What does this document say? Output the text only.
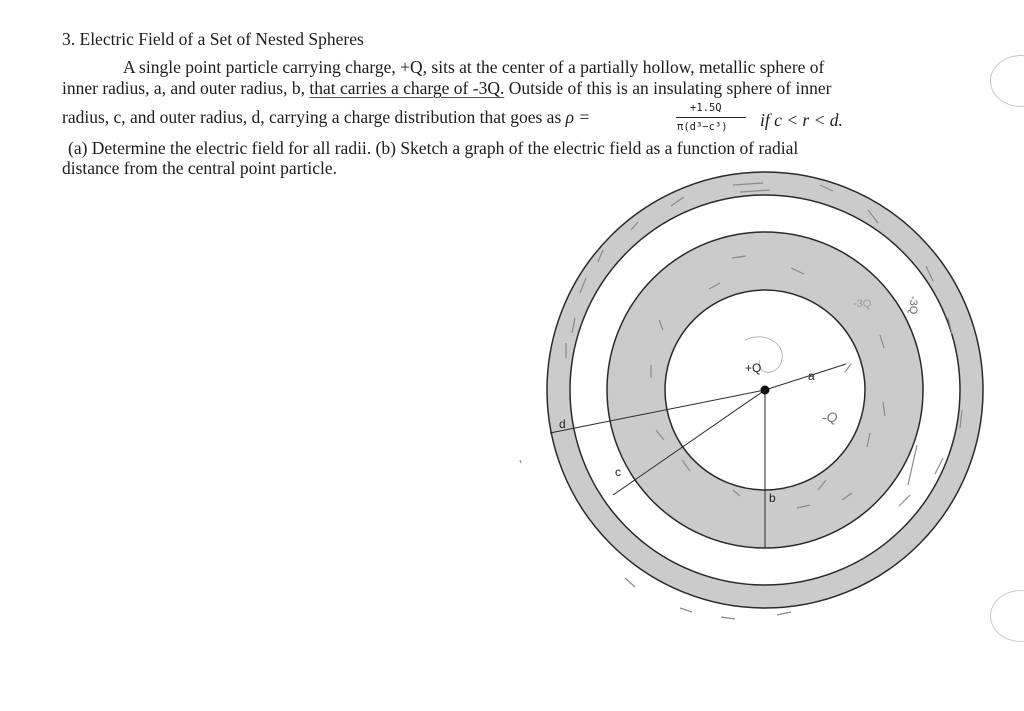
3. Electric Field of a Set of Nested Spheres
A single point particle carrying charge, +Q, sits at the center of a partially hollow, metallic sphere of
inner radius, a, and outer radius, b, that carries a charge of -3Q. Outside of this is an insulating sphere of inner
radius, c, and outer radius, d, carrying a charge distribution that goes as ρ =	+1.5Q
π(d³−c³) if c < r < d.
(a) Determine the electric field for all radii. (b) Sketch a graph of the electric field as a function of radial
distance from the central point particle.
+Q
a
b
c
d
-3Q
-Q
-3Q
